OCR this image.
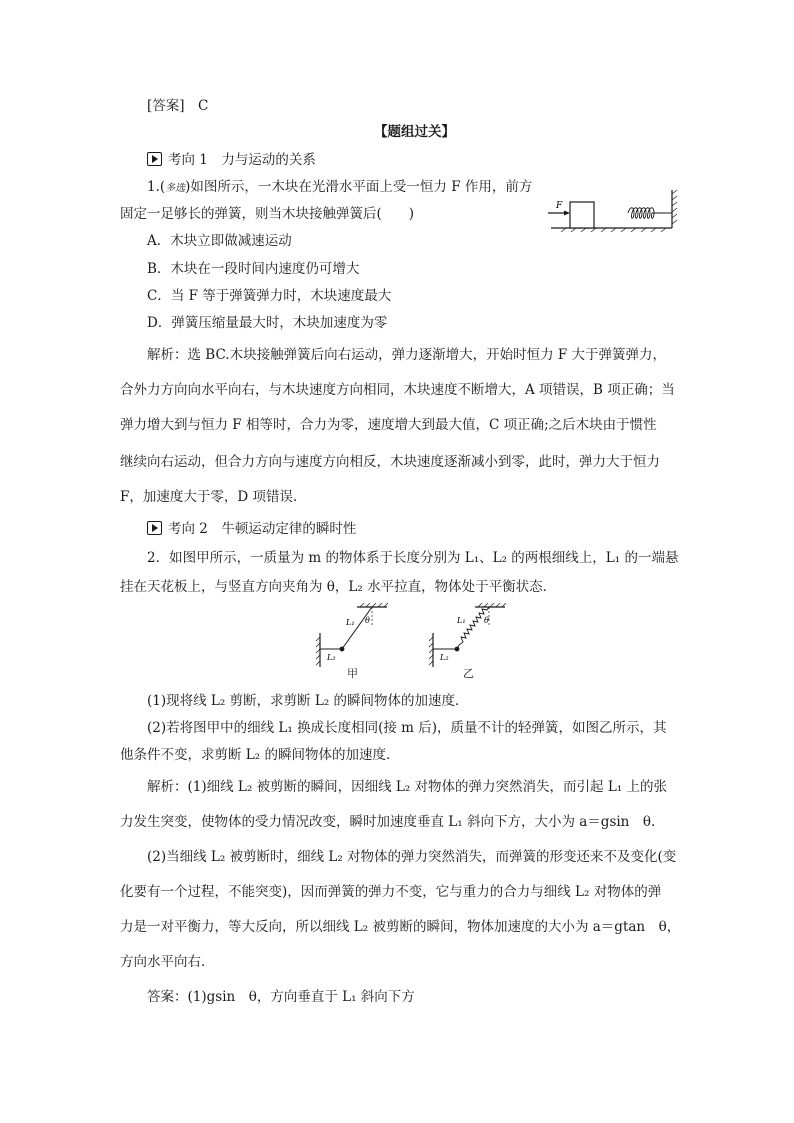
[答案]　C
【题组过关】
考向 1　力与运动的关系
1.(多选)如图所示，一木块在光滑水平面上受一恒力 F 作用，前方
固定一足够长的弹簧，则当木块接触弹簧后(　　)	F
A．木块立即做减速运动
B．木块在一段时间内速度仍可增大
C．当 F 等于弹簧弹力时，木块速度最大
D．弹簧压缩量最大时，木块加速度为零
解析：选 BC.木块接触弹簧后向右运动，弹力逐渐增大，开始时恒力 F 大于弹簧弹力，
合外力方向向水平向右，与木块速度方向相同，木块速度不断增大，A 项错误，B 项正确；当
弹力增大到与恒力 F 相等时，合力为零，速度增大到最大值，C 项正确;之后木块由于惯性
继续向右运动，但合力方向与速度方向相反，木块速度逐渐减小到零，此时，弹力大于恒力
F，加速度大于零，D 项错误．
考向 2　牛顿运动定律的瞬时性
2．如图甲所示，一质量为 m 的物体系于长度分别为 L₁、L₂ 的两根细线上，L₁ 的一端悬
挂在天花板上，与竖直方向夹角为 θ，L₂ 水平拉直，物体处于平衡状态．
L₁
L₂
θ
甲
L₁
L₂
θ
乙
(1)现将线 L₂ 剪断，求剪断 L₂ 的瞬间物体的加速度．
(2)若将图甲中的细线 L₁ 换成长度相同(接 m 后)，质量不计的轻弹簧，如图乙所示，其
他条件不变，求剪断 L₂ 的瞬间物体的加速度．
解析：(1)细线 L₂ 被剪断的瞬间，因细线 L₂ 对物体的弹力突然消失，而引起 L₁ 上的张
力发生突变，使物体的受力情况改变，瞬时加速度垂直 L₁ 斜向下方，大小为 a＝gsin　θ.
(2)当细线 L₂ 被剪断时，细线 L₂ 对物体的弹力突然消失，而弹簧的形变还来不及变化(变
化要有一个过程，不能突变)，因而弹簧的弹力不变，它与重力的合力与细线 L₂ 对物体的弹
力是一对平衡力，等大反向，所以细线 L₂ 被剪断的瞬间，物体加速度的大小为 a＝gtan　θ，
方向水平向右．
答案：(1)gsin　θ，方向垂直于 L₁ 斜向下方
